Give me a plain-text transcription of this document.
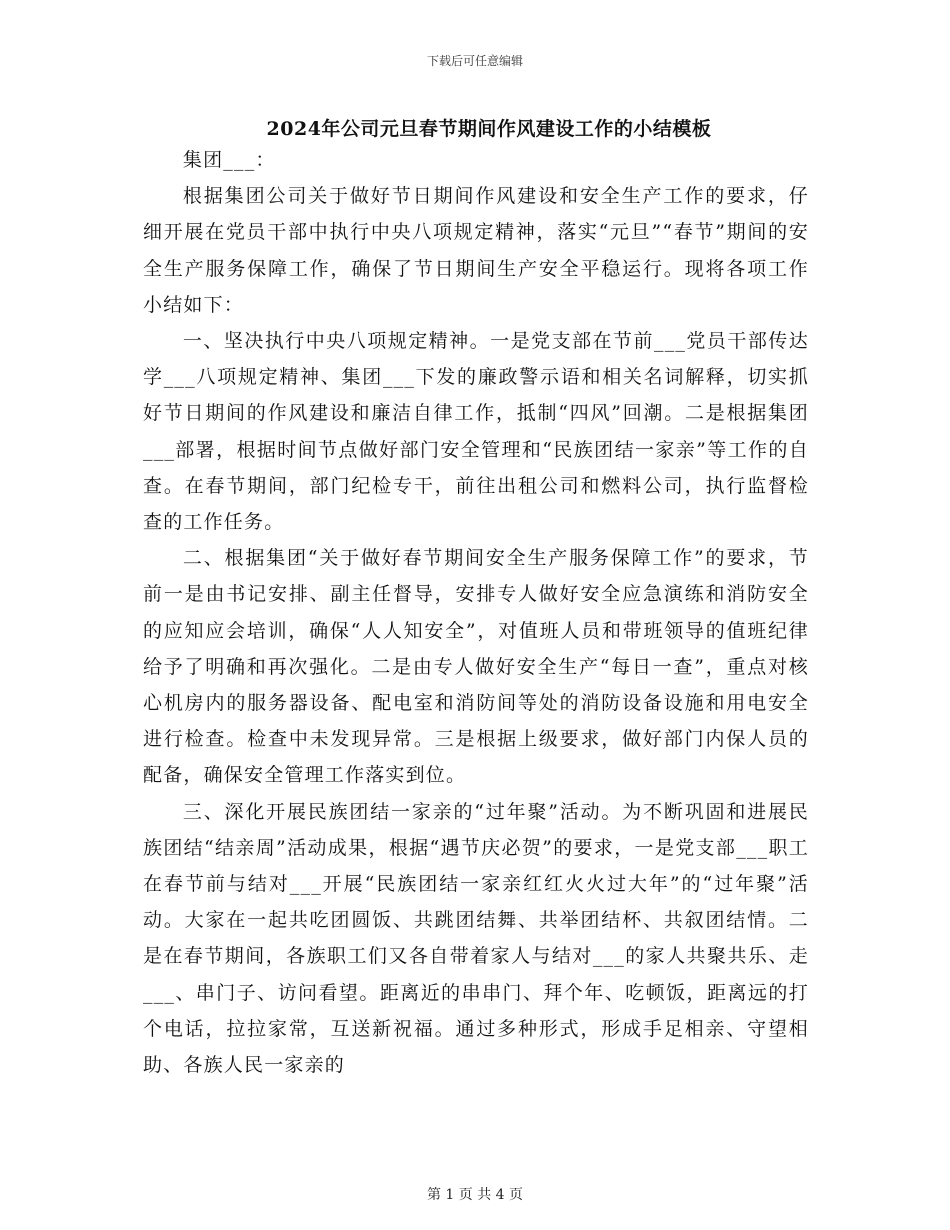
下载后可任意编辑
2024年公司元旦春节期间作风建设工作的小结模板

集团___：

根据集团公司关于做好节日期间作风建设和安全生产工作的要求，仔细开展在党员干部中执行中央八项规定精神，落实“元旦”“春节”期间的安全生产服务保障工作，确保了节日期间生产安全平稳运行。现将各项工作小结如下：

一、坚决执行中央八项规定精神。一是党支部在节前___党员干部传达学___八项规定精神、集团___下发的廉政警示语和相关名词解释，切实抓好节日期间的作风建设和廉洁自律工作，抵制“四风”回潮。二是根据集团___部署，根据时间节点做好部门安全管理和“民族团结一家亲”等工作的自查。在春节期间，部门纪检专干，前往出租公司和燃料公司，执行监督检查的工作任务。

二、根据集团“关于做好春节期间安全生产服务保障工作”的要求，节前一是由书记安排、副主任督导，安排专人做好安全应急演练和消防安全的应知应会培训，确保“人人知安全”，对值班人员和带班领导的值班纪律给予了明确和再次强化。二是由专人做好安全生产“每日一查”，重点对核心机房内的服务器设备、配电室和消防间等处的消防设备设施和用电安全进行检查。检查中未发现异常。三是根据上级要求，做好部门内保人员的配备，确保安全管理工作落实到位。

三、深化开展民族团结一家亲的“过年聚”活动。为不断巩固和进展民族团结“结亲周”活动成果，根据“遇节庆必贺”的要求，一是党支部___职工在春节前与结对___开展“民族团结一家亲红红火火过大年”的“过年聚”活动。大家在一起共吃团圆饭、共跳团结舞、共举团结杯、共叙团结情。二是在春节期间，各族职工们又各自带着家人与结对___的家人共聚共乐、走___、串门子、访问看望。距离近的串串门、拜个年、吃顿饭，距离远的打个电话，拉拉家常，互送新祝福。通过多种形式，形成手足相亲、守望相助、各族人民一家亲的

第 1 页 共 4 页
